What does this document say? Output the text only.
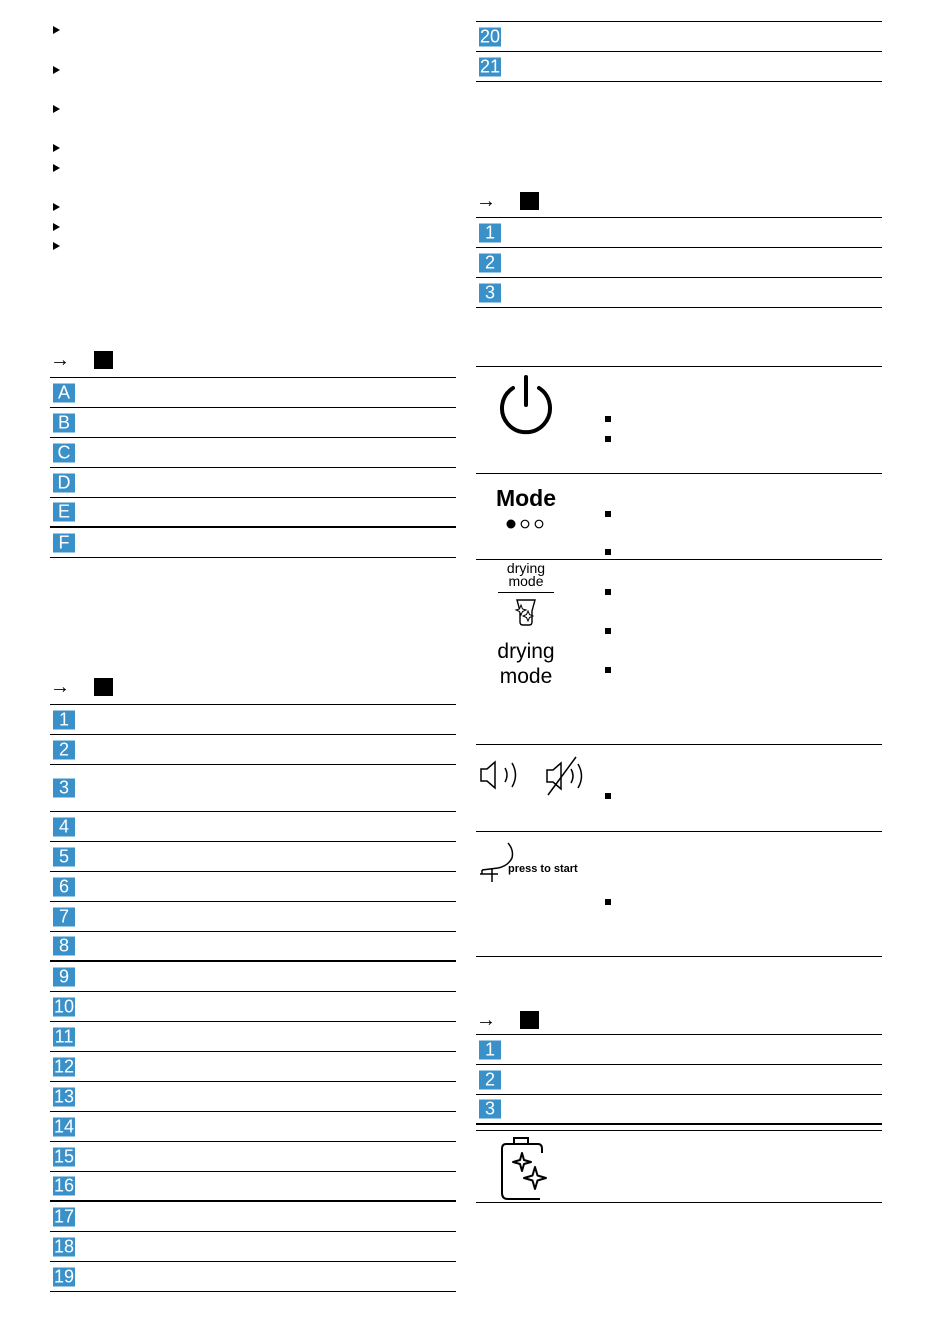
→
A
B
C
D
E
F
→
1
2
3
4
5
6
7
8
9
10
11
12
13
14
15
16
17
18
19
20
21
→
1
2
3
Mode
drying
mode
drying
mode
press to start
→
1
2
3
